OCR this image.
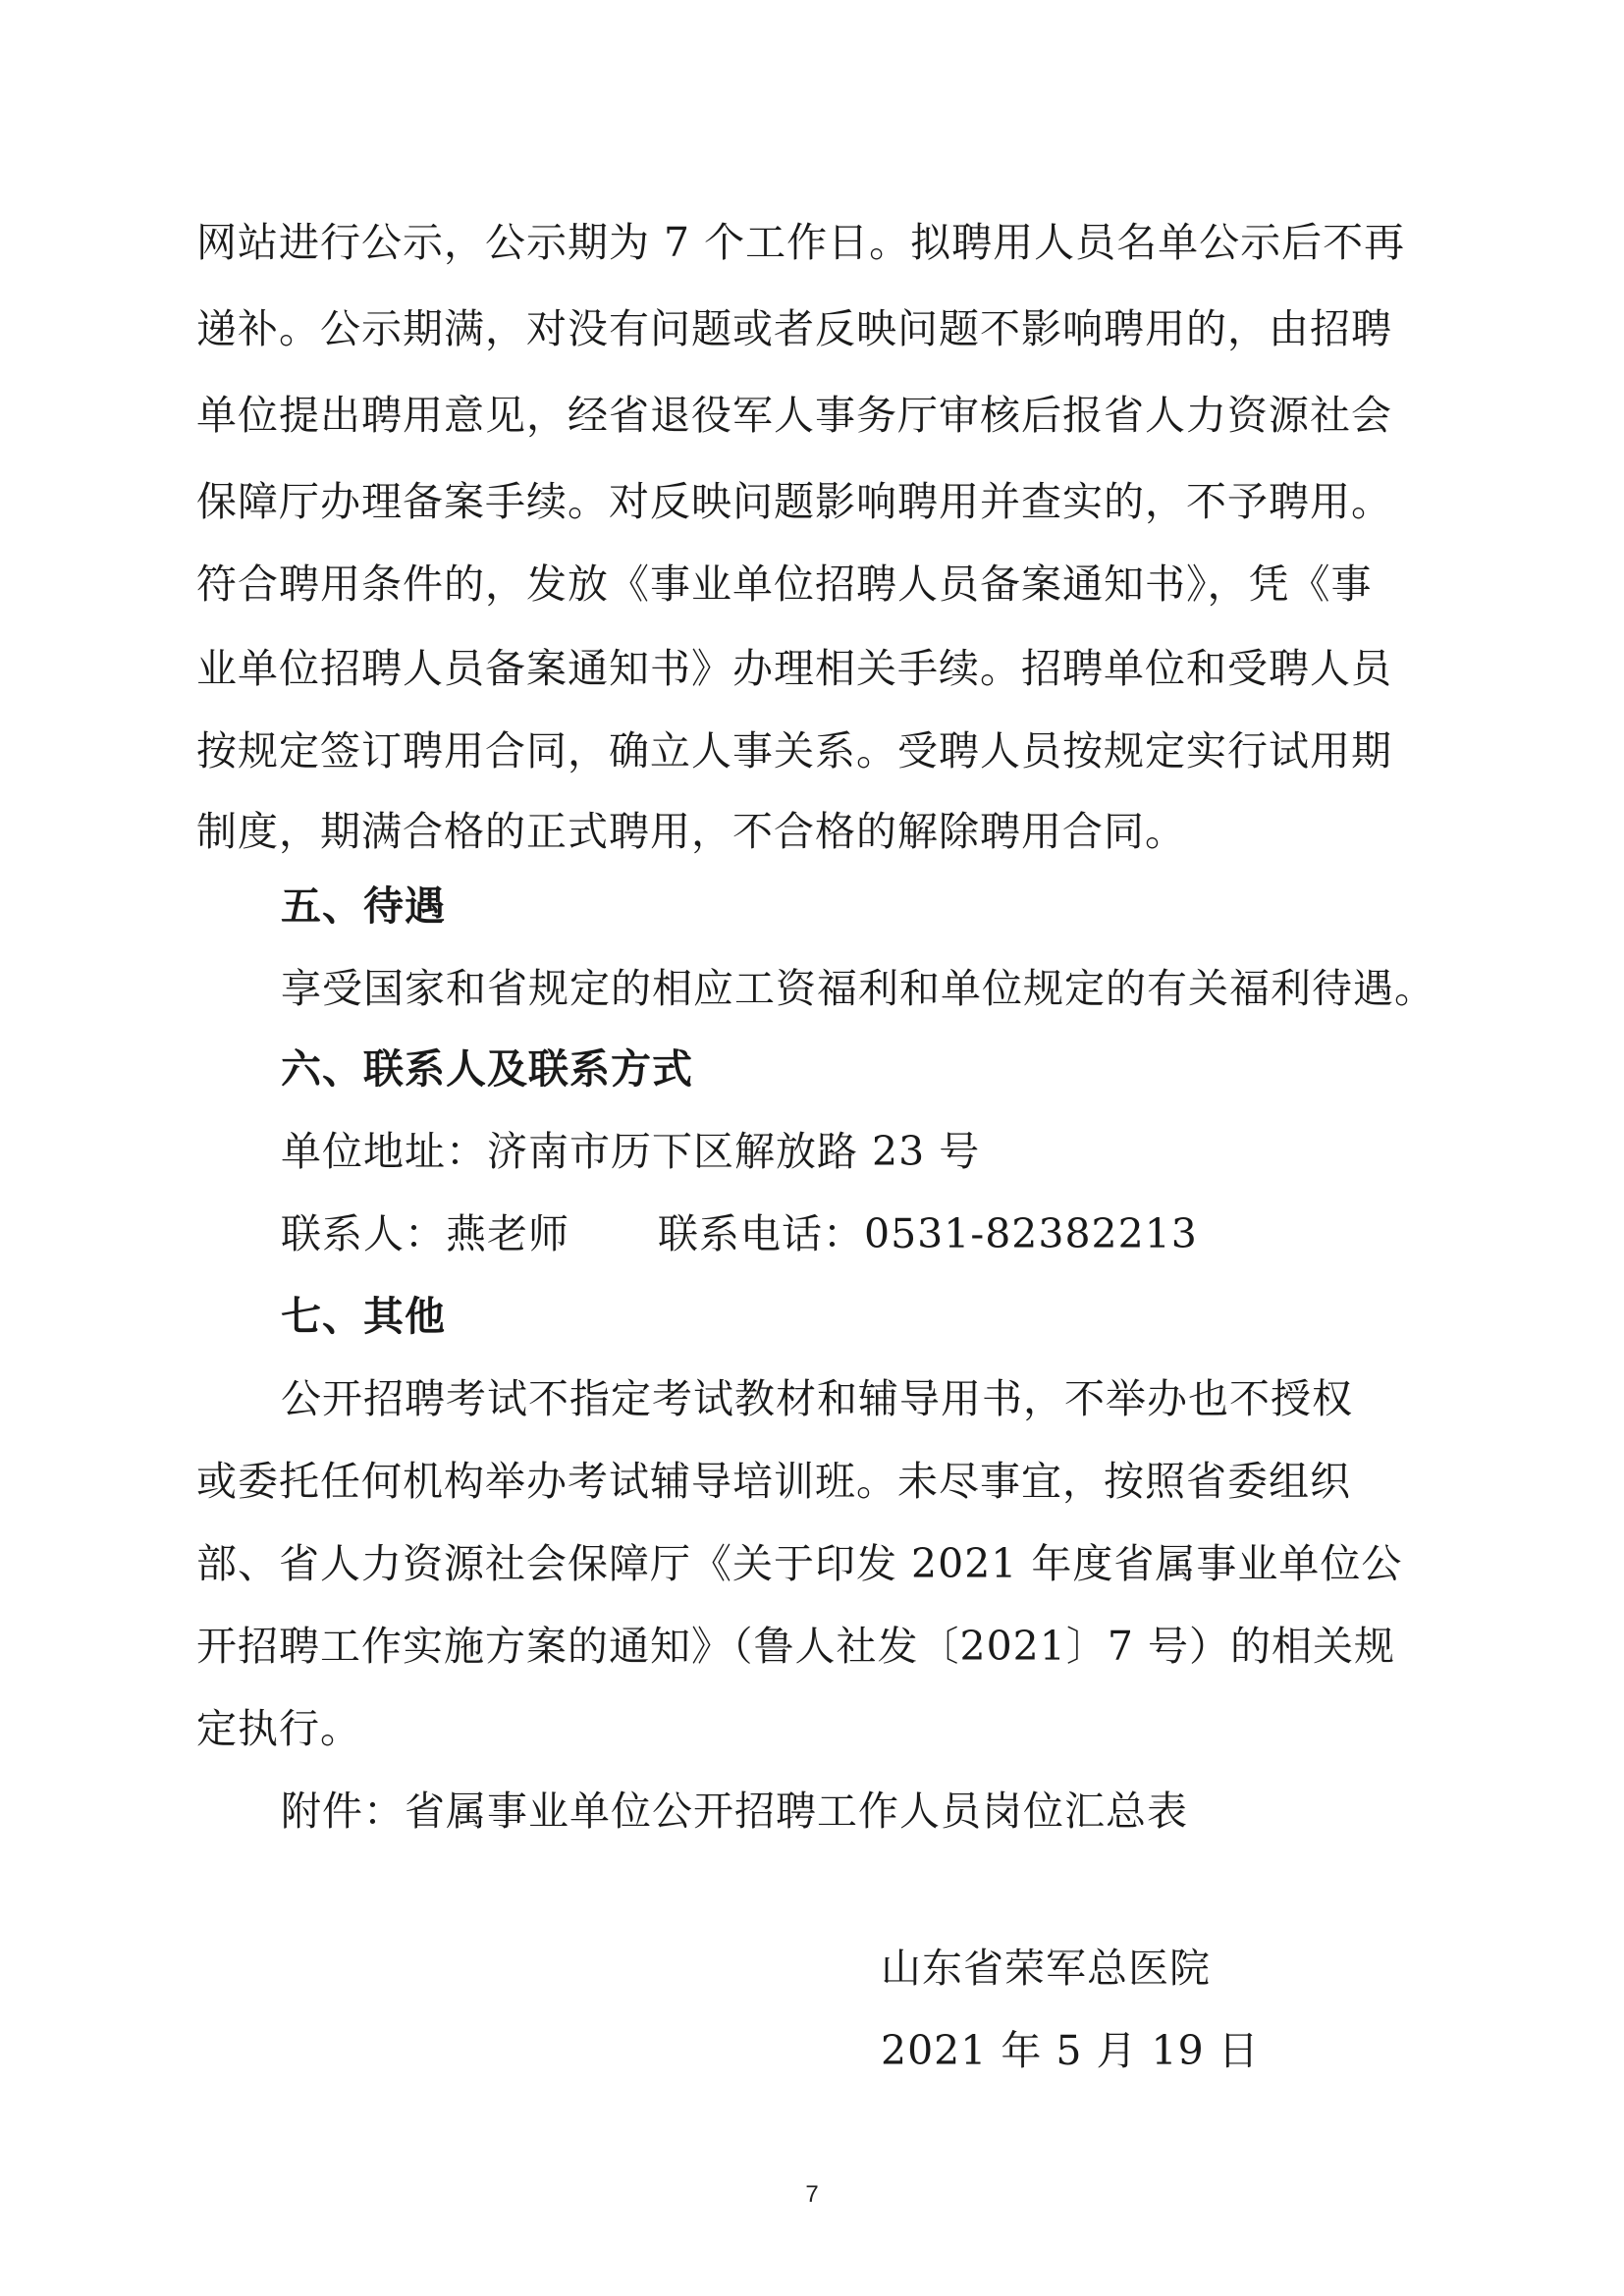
网站进行公示，公示期为 7 个工作日。拟聘用人员名单公示后不再
递补。公示期满，对没有问题或者反映问题不影响聘用的，由招聘
单位提出聘用意见，经省退役军人事务厅审核后报省人力资源社会
保障厅办理备案手续。对反映问题影响聘用并查实的，不予聘用。
符合聘用条件的，发放《事业单位招聘人员备案通知书》，凭《事
业单位招聘人员备案通知书》办理相关手续。招聘单位和受聘人员
按规定签订聘用合同，确立人事关系。受聘人员按规定实行试用期
制度，期满合格的正式聘用，不合格的解除聘用合同。
五、待遇
享受国家和省规定的相应工资福利和单位规定的有关福利待遇。
六、联系人及联系方式
单位地址：济南市历下区解放路 23 号
联系人：燕老师 联系电话：0531-82382213
七、其他
公开招聘考试不指定考试教材和辅导用书，不举办也不授权
或委托任何机构举办考试辅导培训班。未尽事宜，按照省委组织
部、省人力资源社会保障厅《关于印发 2021 年度省属事业单位公
开招聘工作实施方案的通知》（鲁人社发〔2021〕7 号）的相关规
定执行。
附件：省属事业单位公开招聘工作人员岗位汇总表
山东省荣军总医院
2021 年 5 月 19 日
7
